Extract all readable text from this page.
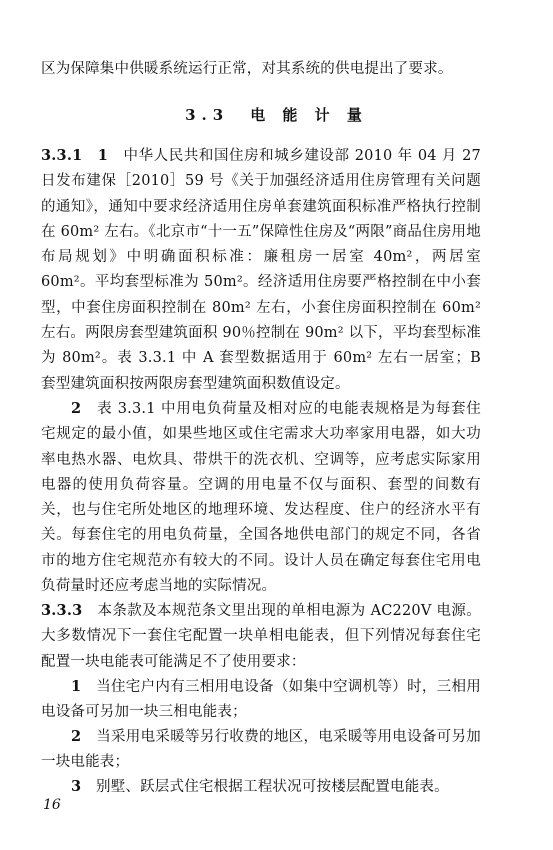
区为保障集中供暖系统运行正常，对其系统的供电提出了要求。

3.3　电 能 计 量

3.3.1　1　中华人民共和国住房和城乡建设部 2010 年 04 月 27 日发布建保［2010］59 号《关于加强经济适用住房管理有关问题的通知》，通知中要求经济适用住房单套建筑面积标准严格执行控制在 60m² 左右。《北京市“十一五”保障性住房及“两限”商品住房用地布局规划》中明确面积标准：廉租房一居室 40m²，两居室 60m²。平均套型标准为 50m²。经济适用住房要严格控制在中小套型，中套住房面积控制在 80m² 左右，小套住房面积控制在 60m² 左右。两限房套型建筑面积 90％控制在 90m² 以下，平均套型标准为 80m²。表 3.3.1 中 A 套型数据适用于 60m² 左右一居室；B 套型建筑面积按两限房套型建筑面积数值设定。

2　表 3.3.1 中用电负荷量及相对应的电能表规格是为每套住宅规定的最小值，如果些地区或住宅需求大功率家用电器，如大功率电热水器、电炊具、带烘干的洗衣机、空调等，应考虑实际家用电器的使用负荷容量。空调的用电量不仅与面积、套型的间数有关，也与住宅所处地区的地理环境、发达程度、住户的经济水平有关。每套住宅的用电负荷量，全国各地供电部门的规定不同，各省市的地方住宅规范亦有较大的不同。设计人员在确定每套住宅用电负荷量时还应考虑当地的实际情况。

3.3.3　本条款及本规范条文里出现的单相电源为 AC220V 电源。大多数情况下一套住宅配置一块单相电能表，但下列情况每套住宅配置一块电能表可能满足不了使用要求：

1　当住宅户内有三相用电设备（如集中空调机等）时，三相用电设备可另加一块三相电能表；

2　当采用电采暖等另行收费的地区，电采暖等用电设备可另加一块电能表；

3　别墅、跃层式住宅根据工程状况可按楼层配置电能表。

16
